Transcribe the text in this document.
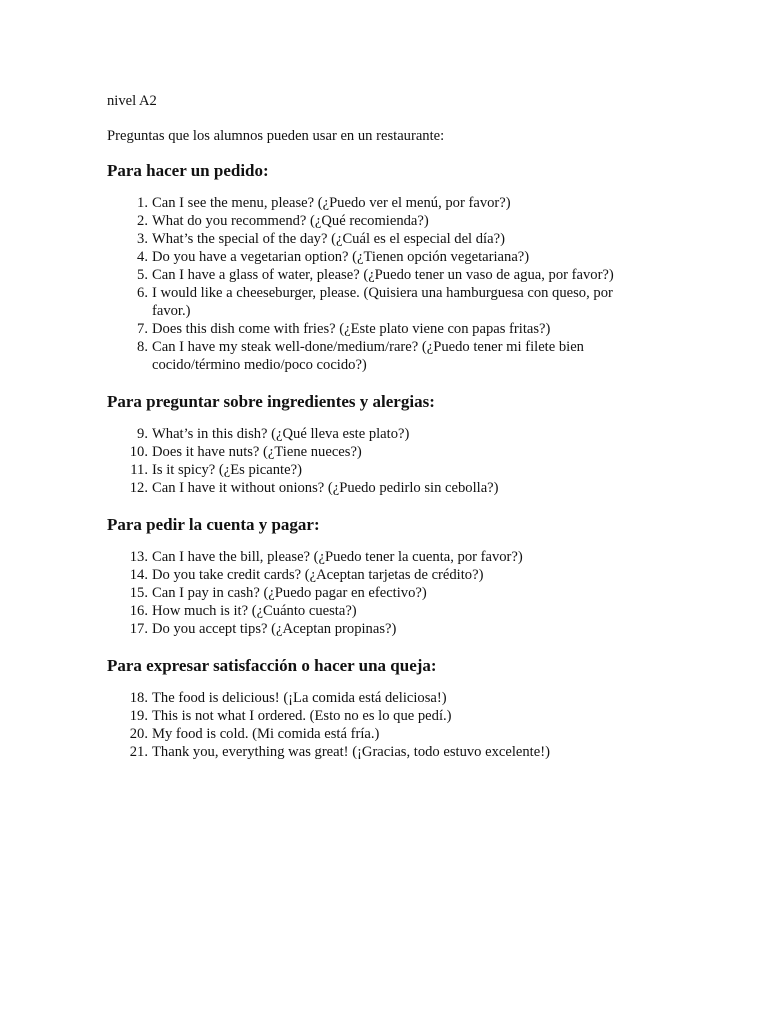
nivel A2

Preguntas que los alumnos pueden usar en un restaurante:

Para hacer un pedido:
1. Can I see the menu, please? (¿Puedo ver el menú, por favor?)
2. What do you recommend? (¿Qué recomienda?)
3. What’s the special of the day? (¿Cuál es el especial del día?)
4. Do you have a vegetarian option? (¿Tienen opción vegetariana?)
5. Can I have a glass of water, please? (¿Puedo tener un vaso de agua, por favor?)
6. I would like a cheeseburger, please. (Quisiera una hamburguesa con queso, por favor.)
7. Does this dish come with fries? (¿Este plato viene con papas fritas?)
8. Can I have my steak well-done/medium/rare? (¿Puedo tener mi filete bien cocido/término medio/poco cocido?)
Para preguntar sobre ingredientes y alergias:
9. What’s in this dish? (¿Qué lleva este plato?)
10. Does it have nuts? (¿Tiene nueces?)
11. Is it spicy? (¿Es picante?)
12. Can I have it without onions? (¿Puedo pedirlo sin cebolla?)
Para pedir la cuenta y pagar:
13. Can I have the bill, please? (¿Puedo tener la cuenta, por favor?)
14. Do you take credit cards? (¿Aceptan tarjetas de crédito?)
15. Can I pay in cash? (¿Puedo pagar en efectivo?)
16. How much is it? (¿Cuánto cuesta?)
17. Do you accept tips? (¿Aceptan propinas?)
Para expresar satisfacción o hacer una queja:
18. The food is delicious! (¡La comida está deliciosa!)
19. This is not what I ordered. (Esto no es lo que pedí.)
20. My food is cold. (Mi comida está fría.)
21. Thank you, everything was great! (¡Gracias, todo estuvo excelente!)
